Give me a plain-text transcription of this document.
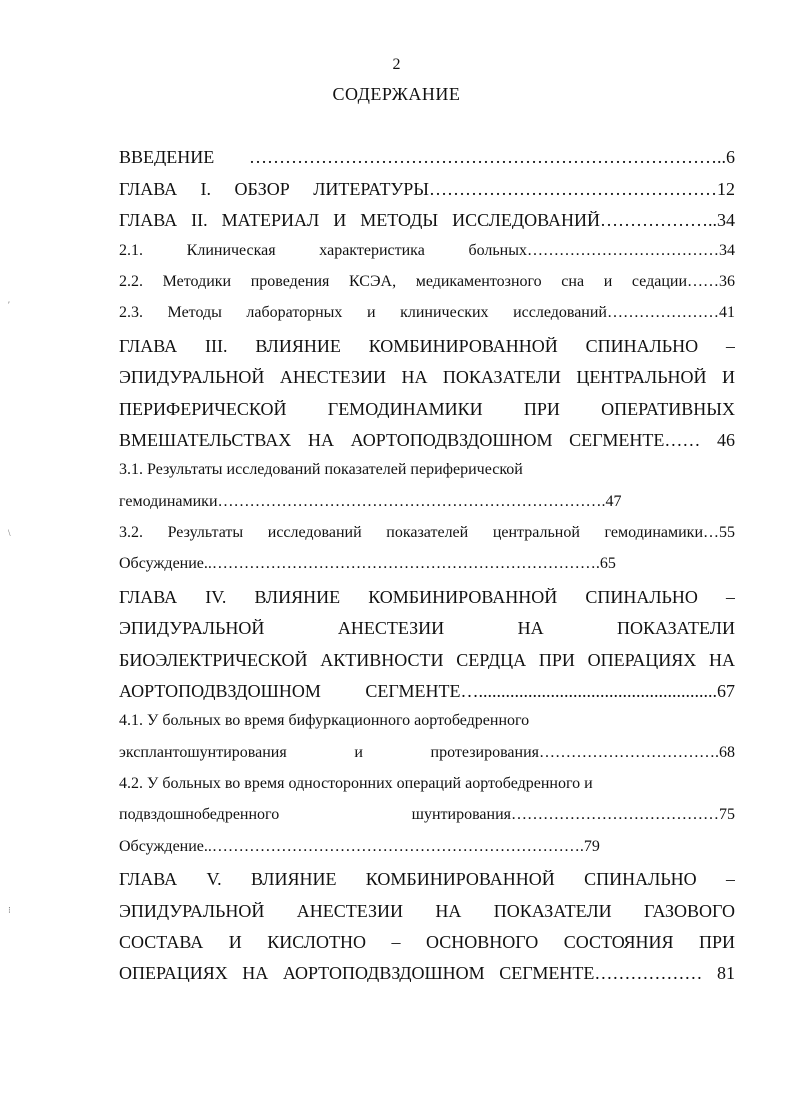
2
СОДЕРЖАНИЕ
ВВЕДЕНИЕ ……………………………………………………………………..6
ГЛАВА I. ОБЗОР ЛИТЕРАТУРЫ…………………………………………12
ГЛАВА II. МАТЕРИАЛ И МЕТОДЫ ИССЛЕДОВАНИЙ………………..34
2.1. Клиническая характеристика больных………………………………34
2.2. Методики проведения КСЭА, медикаментозного сна и седации……36
2.3. Методы лабораторных и клинических исследований…………………41
ГЛАВА III. ВЛИЯНИЕ КОМБИНИРОВАННОЙ СПИНАЛЬНО –
ЭПИДУРАЛЬНОЙ АНЕСТЕЗИИ НА ПОКАЗАТЕЛИ ЦЕНТРАЛЬНОЙ И
ПЕРИФЕРИЧЕСКОЙ ГЕМОДИНАМИКИ ПРИ ОПЕРАТИВНЫХ
ВМЕШАТЕЛЬСТВАХ НА АОРТОПОДВЗДОШНОМ СЕГМЕНТЕ…… 46
3.1. Результаты исследований показателей периферической
гемодинамики……………………………………………………………….47
3.2. Результаты исследований показателей центральной гемодинамики…55
Обсуждение..……………………………………………………………….65
ГЛАВА IV. ВЛИЯНИЕ КОМБИНИРОВАННОЙ СПИНАЛЬНО –
ЭПИДУРАЛЬНОЙ АНЕСТЕЗИИ НА ПОКАЗАТЕЛИ
БИОЭЛЕКТРИЧЕСКОЙ АКТИВНОСТИ СЕРДЦА ПРИ ОПЕРАЦИЯХ НА
АОРТОПОДВЗДОШНОМ СЕГМЕНТЕ….....................................................67
4.1. У больных во время бифуркационного аортобедренного
эксплантошунтирования и протезирования…………………………….68
4.2. У больных во время односторонних операций аортобедренного и
подвздошнобедренного шунтирования…………………………………75
Обсуждение..…………………………………………………………….79
ГЛАВА V. ВЛИЯНИЕ КОМБИНИРОВАННОЙ СПИНАЛЬНО –
ЭПИДУРАЛЬНОЙ АНЕСТЕЗИИ НА ПОКАЗАТЕЛИ ГАЗОВОГО
СОСТАВА И КИСЛОТНО – ОСНОВНОГО СОСТОЯНИЯ ПРИ
ОПЕРАЦИЯХ НА АОРТОПОДВЗДОШНОМ СЕГМЕНТЕ……………… 81
′
\
⁝
